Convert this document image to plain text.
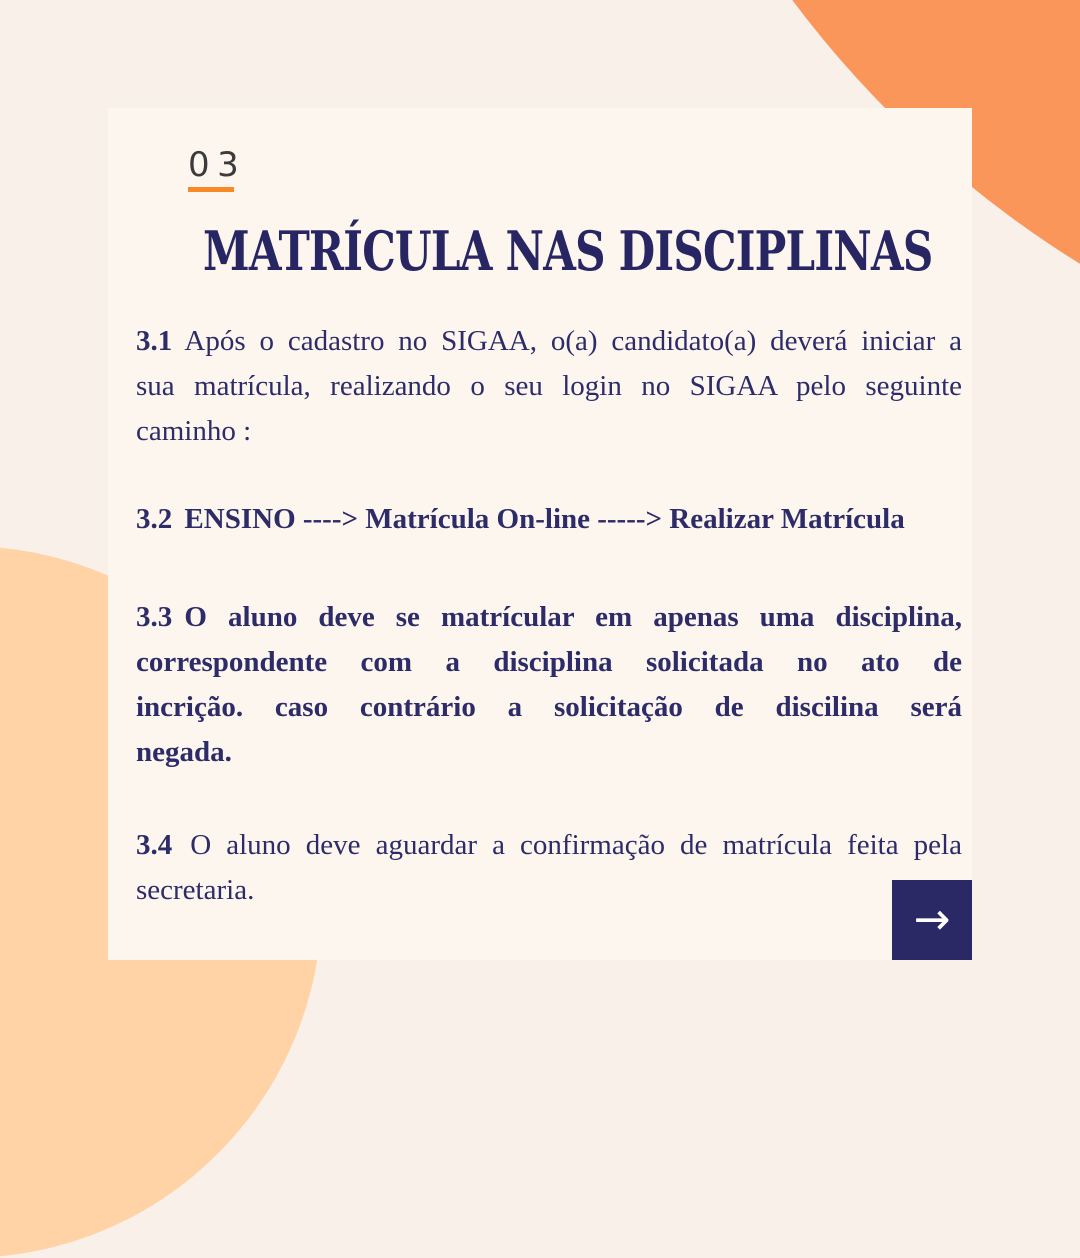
03
MATRÍCULA NAS DISCIPLINAS
3.1 Após o cadastro no SIGAA, o(a) candidato(a) deverá iniciar a
sua matrícula, realizando o seu login no SIGAA pelo seguinte
caminho :
3.2 ENSINO ----> Matrícula On-line -----> Realizar Matrícula
3.3 O aluno deve se matrícular em apenas uma disciplina,
correspondente com a disciplina solicitada no ato de
incrição. caso contrário a solicitação de discilina será
negada.
3.4 O aluno deve aguardar a confirmação de matrícula feita pela
secretaria.
→
